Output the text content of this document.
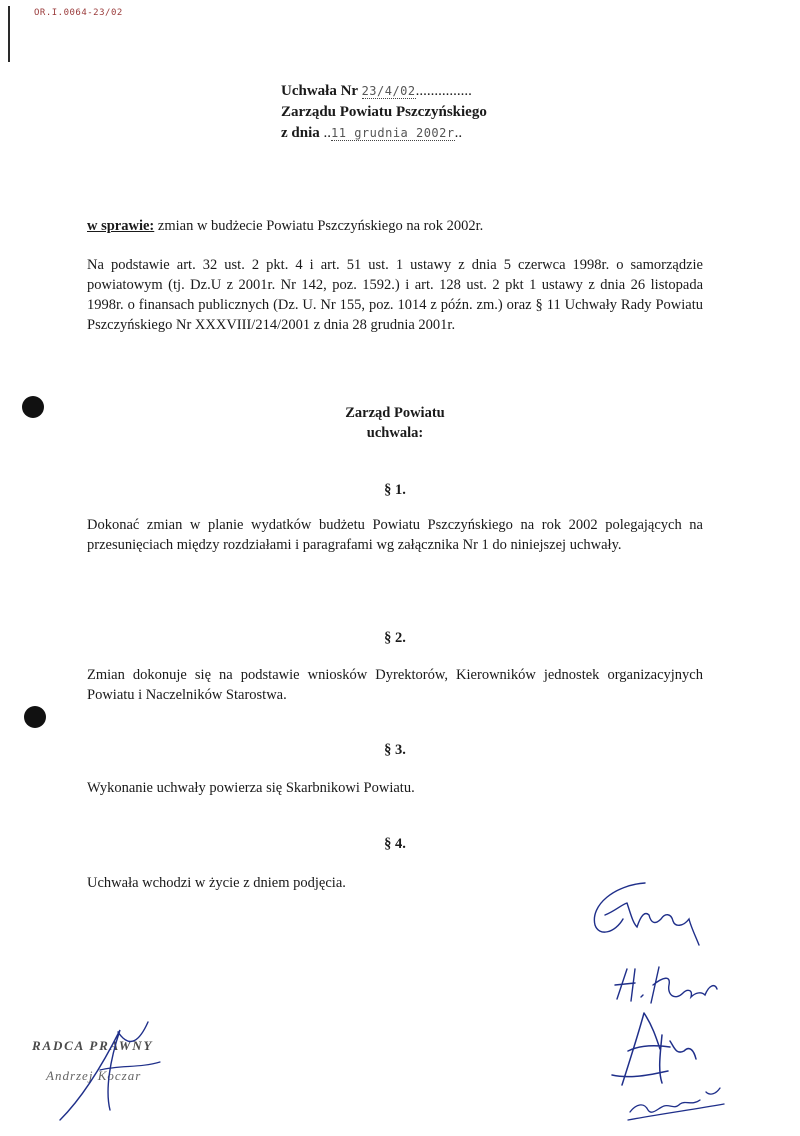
OR.I.0064-23/02
Uchwała Nr 23/4/02...............
Zarządu Powiatu Pszczyńskiego
z dnia ..11 grudnia 2002r..
w sprawie: zmian w budżecie Powiatu Pszczyńskiego na rok 2002r.
Na podstawie art. 32 ust. 2 pkt. 4 i art. 51 ust. 1 ustawy z dnia 5 czerwca 1998r. o samorządzie powiatowym (tj. Dz.U z 2001r. Nr 142, poz. 1592.) i art. 128 ust. 2 pkt 1 ustawy z dnia 26 listopada 1998r. o finansach publicznych (Dz. U. Nr 155, poz. 1014 z późn. zm.) oraz § 11 Uchwały Rady Powiatu Pszczyńskiego Nr XXXVIII/214/2001 z dnia 28 grudnia 2001r.
Zarząd Powiatu
uchwala:
§ 1.
Dokonać zmian w planie wydatków budżetu Powiatu Pszczyńskiego na rok 2002 polegających na przesunięciach między rozdziałami i paragrafami wg załącznika Nr 1 do niniejszej uchwały.
§ 2.
Zmian dokonuje się na podstawie wniosków Dyrektorów, Kierowników jednostek organizacyjnych Powiatu i Naczelników Starostwa.
§ 3.
Wykonanie uchwały powierza się Skarbnikowi Powiatu.
§ 4.
Uchwała wchodzi w życie z dniem podjęcia.
RADCA PRAWNY
Andrzej Koczar
